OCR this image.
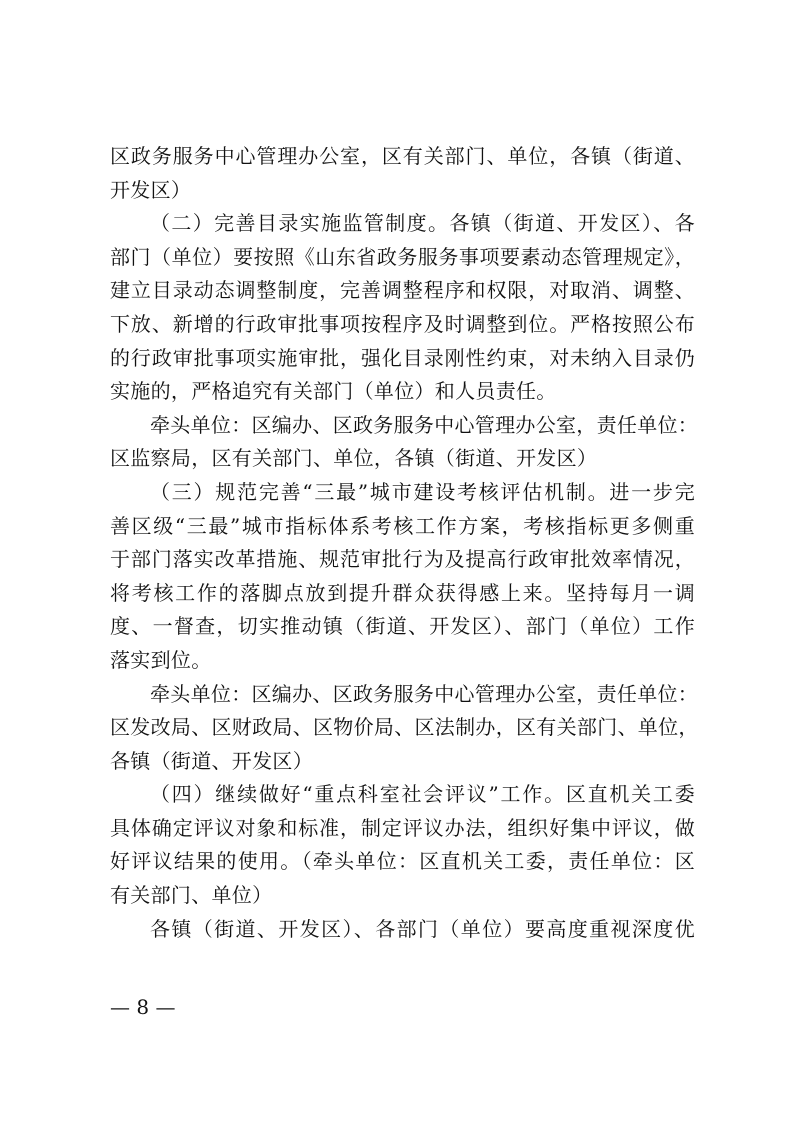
区政务服务中心管理办公室，区有关部门、单位，各镇（街道、
开发区）
（二）完善目录实施监管制度。各镇（街道、开发区）、各
部门（单位）要按照《山东省政务服务事项要素动态管理规定》，
建立目录动态调整制度，完善调整程序和权限，对取消、调整、
下放、新增的行政审批事项按程序及时调整到位。严格按照公布
的行政审批事项实施审批，强化目录刚性约束，对未纳入目录仍
实施的，严格追究有关部门（单位）和人员责任。
牵头单位：区编办、区政务服务中心管理办公室，责任单位：
区监察局，区有关部门、单位，各镇（街道、开发区）
（三）规范完善“三最”城市建设考核评估机制。进一步完
善区级“三最”城市指标体系考核工作方案，考核指标更多侧重
于部门落实改革措施、规范审批行为及提高行政审批效率情况，
将考核工作的落脚点放到提升群众获得感上来。坚持每月一调
度、一督查，切实推动镇（街道、开发区）、部门（单位）工作
落实到位。
牵头单位：区编办、区政务服务中心管理办公室，责任单位：
区发改局、区财政局、区物价局、区法制办，区有关部门、单位，
各镇（街道、开发区）
（四）继续做好“重点科室社会评议”工作。区直机关工委
具体确定评议对象和标准，制定评议办法，组织好集中评议，做
好评议结果的使用。（牵头单位：区直机关工委，责任单位：区
有关部门、单位）
各镇（街道、开发区）、各部门（单位）要高度重视深度优
— 8 —
